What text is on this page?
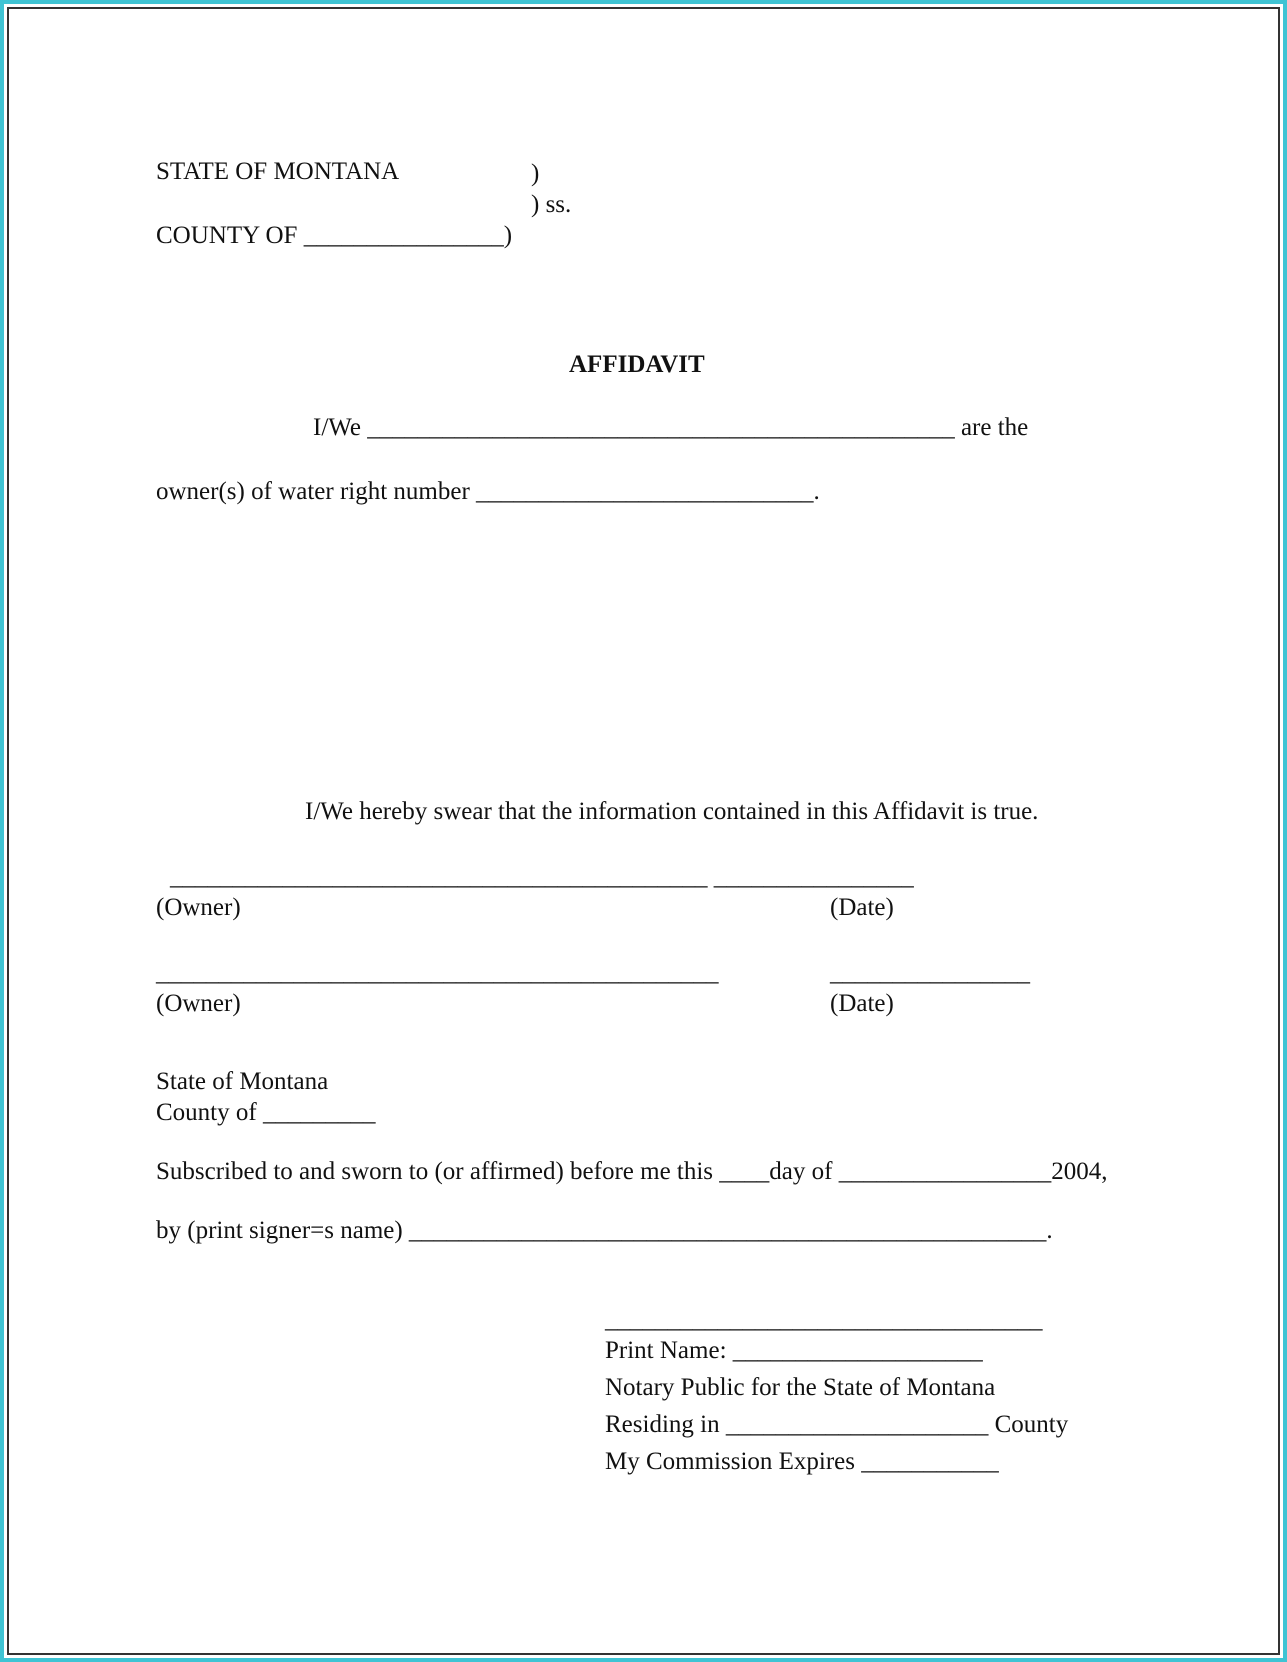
STATE OF MONTANA	)
) ss.
COUNTY OF ________________)
AFFIDAVIT
I/We _______________________________________________ are the
owner(s) of water right number ___________________________.
I/We hereby swear that the information contained in this Affidavit is true.
___________________________________________ ________________
(Owner)	(Date)
_____________________________________________	________________
(Owner)	(Date)
State of Montana
County of _________
Subscribed to and sworn to (or affirmed) before me this ____day of _________________2004,
by (print signer=s name) ___________________________________________________.
___________________________________
Print Name: ____________________
Notary Public for the State of Montana
Residing in _____________________ County
My Commission Expires ___________
